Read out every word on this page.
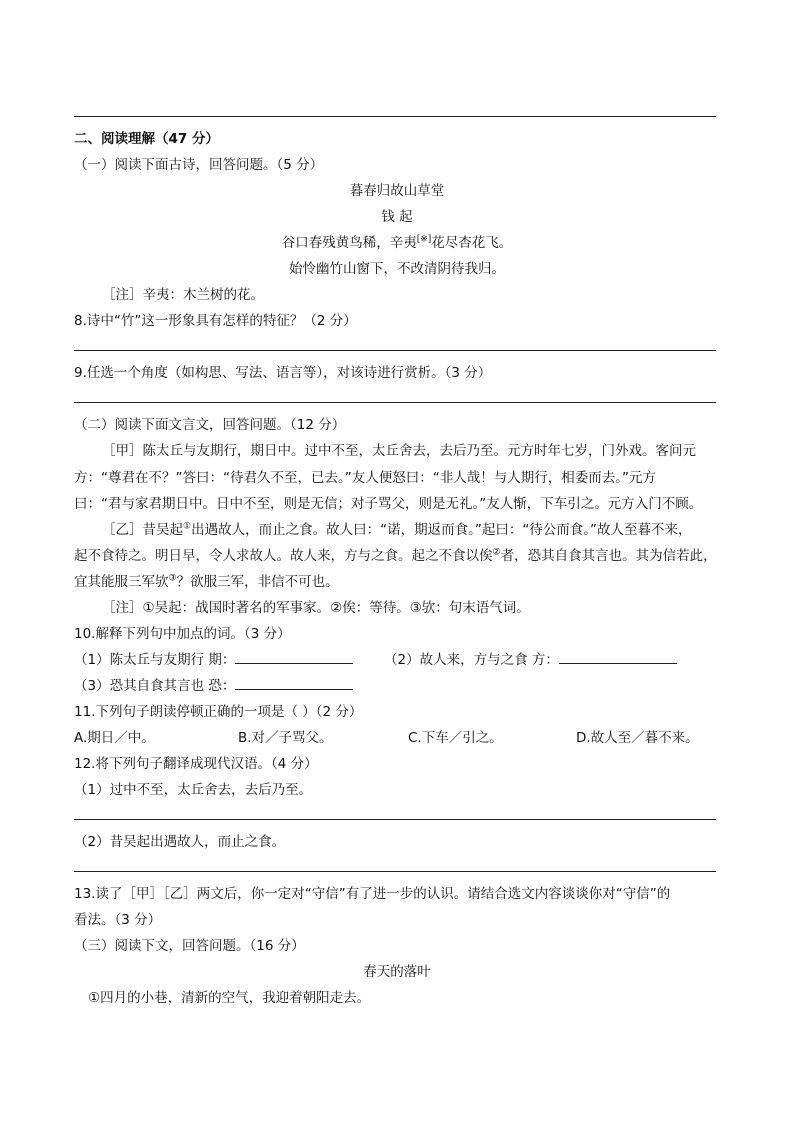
二、阅读理解（47 分）
（一）阅读下面古诗，回答问题。（5 分）
暮春归故山草堂
钱 起
谷口春残黄鸟稀，辛夷[※]花尽杏花飞。
始怜幽竹山窗下，不改清阴待我归。
［注］辛夷：木兰树的花。
8.诗中“竹”这一形象具有怎样的特征？（2 分）
9.任选一个角度（如构思、写法、语言等），对该诗进行赏析。（3 分）
（二）阅读下面文言文，回答问题。（12 分）
［甲］陈太丘与友期行，期日中。过中不至，太丘舍去，去后乃至。元方时年七岁，门外戏。客问元
方：“尊君在不？”答曰：“待君久不至，已去。”友人便怒曰：“非人哉！与人期行，相委而去。”元方
曰：“君与家君期日中。日中不至，则是无信；对子骂父，则是无礼。”友人惭，下车引之。元方入门不顾。
［乙］昔吴起①出遇故人，而止之食。故人曰：“诺，期返而食。”起曰：“待公而食。”故人至暮不来，
起不食待之。明日早，令人求故人。故人来，方与之食。起之不食以俟②者，恐其自食其言也。其为信若此，
宜其能服三军欤③？欲服三军，非信不可也。
［注］①吴起：战国时著名的军事家。②俟：等待。③欤：句末语气词。
10.解释下列句中加点的词。（3 分）
（1）陈太丘与友期行 期：	（2）故人来，方与之食 方：
（3）恐其自食其言也 恐：
11.下列句子朗读停顿正确的一项是（ ）（2 分）
A.期日／中。	B.对／子骂父。	C.下车／引之。	D.故人至／暮不来。
12.将下列句子翻译成现代汉语。（4 分）
（1）过中不至，太丘舍去，去后乃至。
（2）昔吴起出遇故人，而止之食。
13.读了［甲］［乙］两文后，你一定对“守信”有了进一步的认识。请结合选文内容谈谈你对“守信”的
看法。（3 分）
（三）阅读下文，回答问题。（16 分）
春天的落叶
①四月的小巷，清新的空气，我迎着朝阳走去。
